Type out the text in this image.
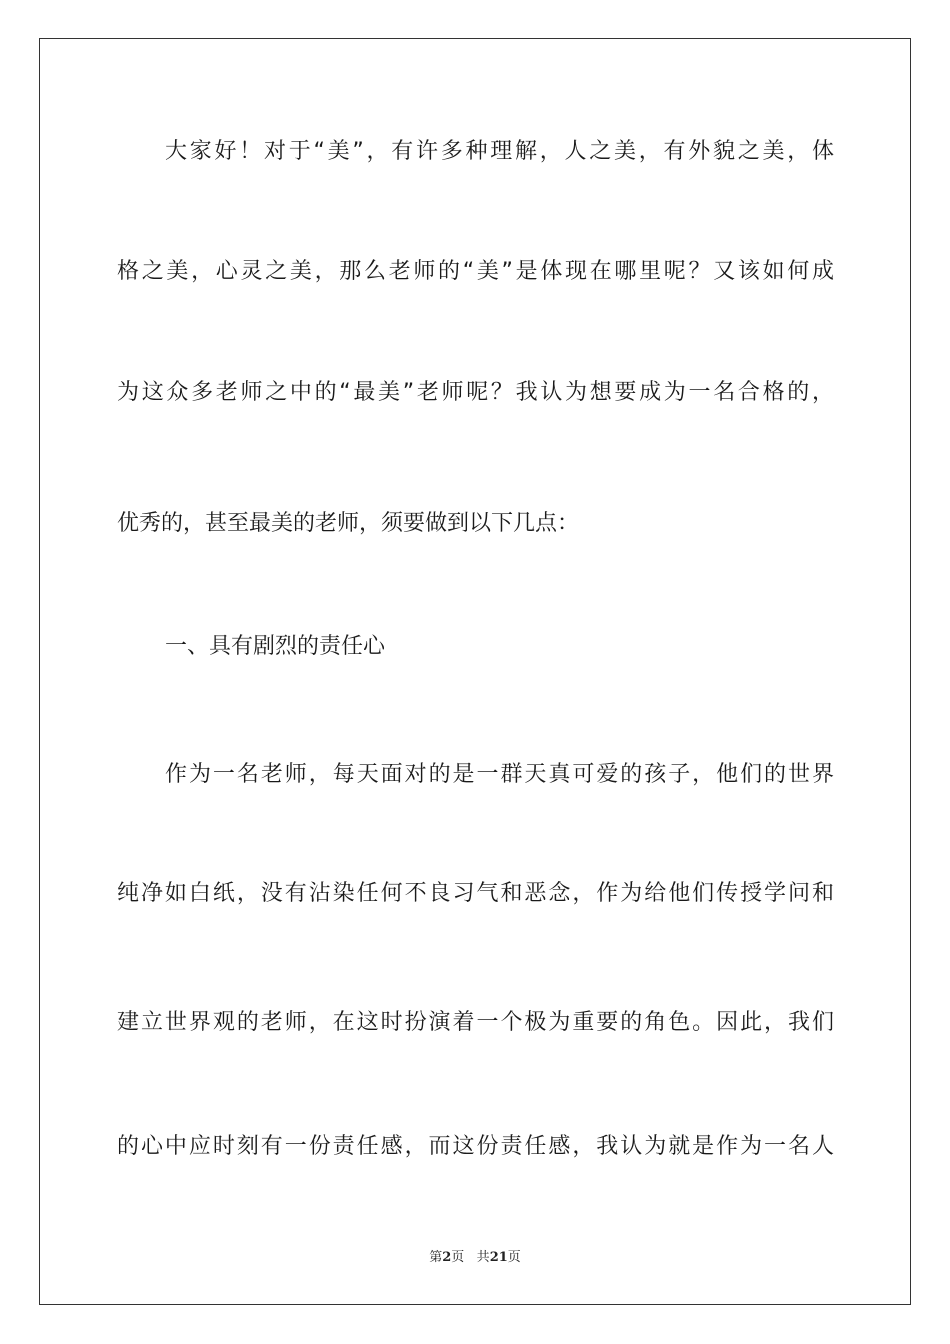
大家好！对于“美”，有许多种理解，人之美，有外貌之美，体
格之美，心灵之美，那么老师的“美”是体现在哪里呢？又该如何成
为这众多老师之中的“最美”老师呢？我认为想要成为一名合格的，
优秀的，甚至最美的老师，须要做到以下几点：
一、具有剧烈的责任心
作为一名老师，每天面对的是一群天真可爱的孩子，他们的世界
纯净如白纸，没有沾染任何不良习气和恶念，作为给他们传授学问和
建立世界观的老师，在这时扮演着一个极为重要的角色。因此，我们
的心中应时刻有一份责任感，而这份责任感，我认为就是作为一名人
第2页 共21页
